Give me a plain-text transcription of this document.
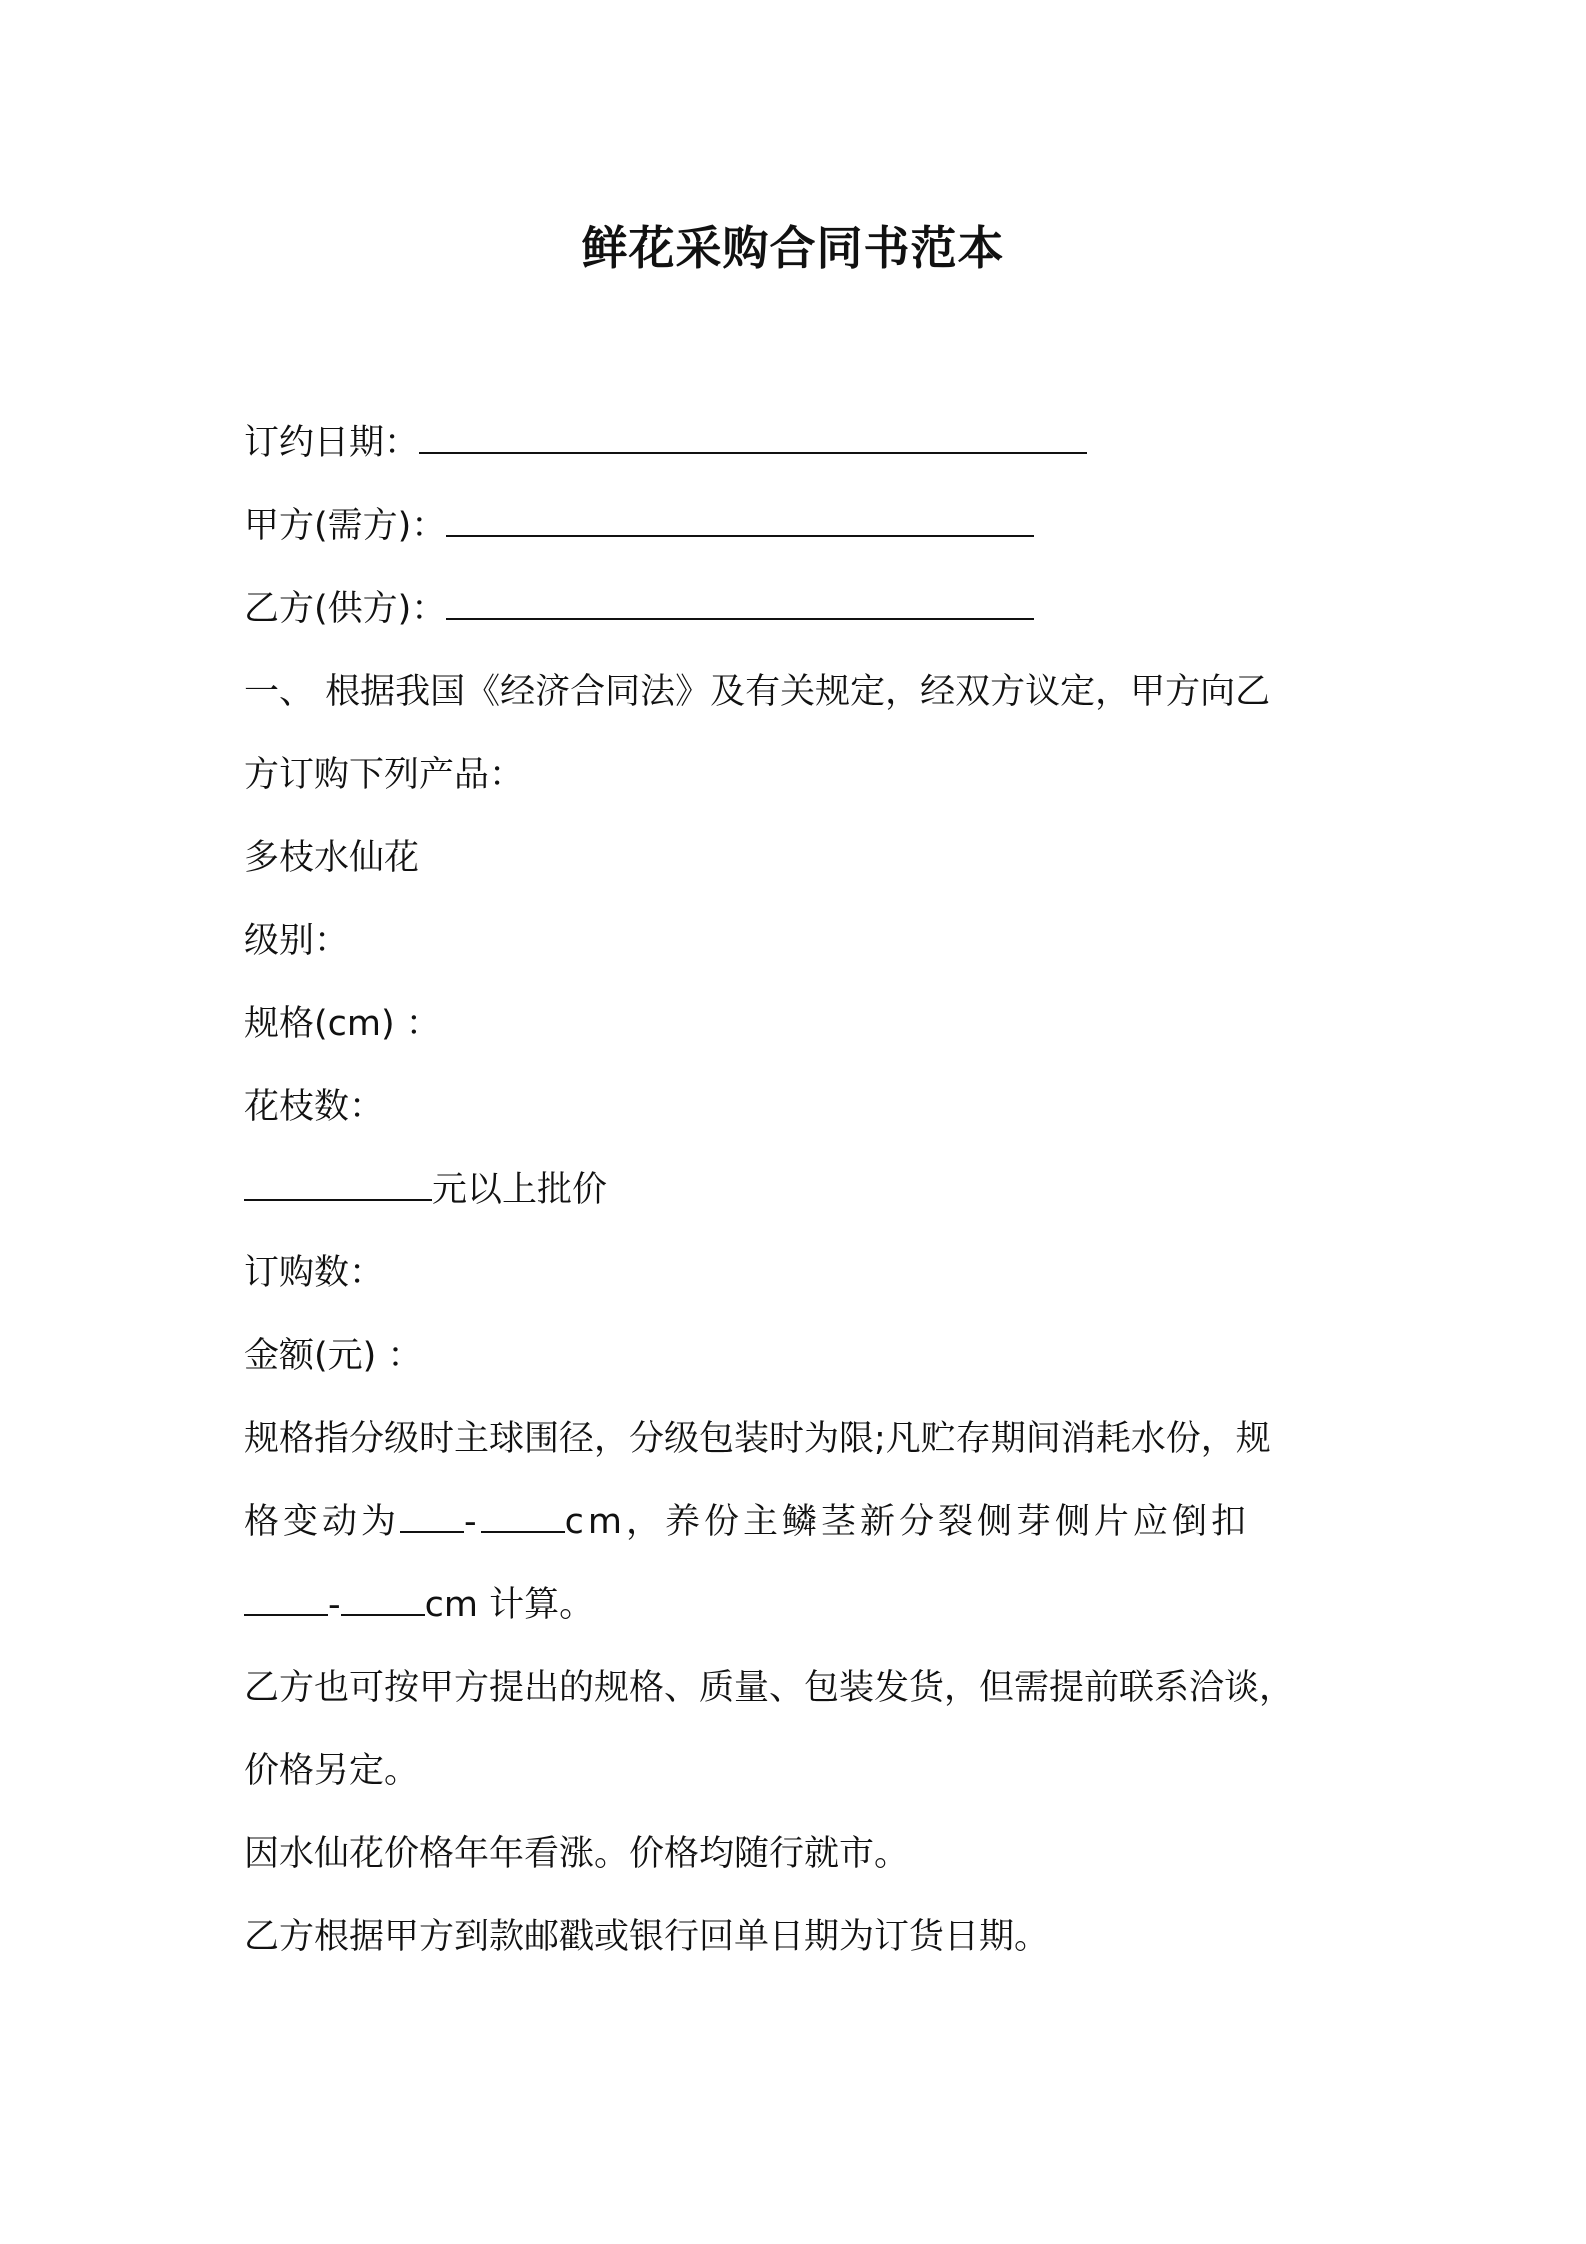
鲜花采购合同书范本
订约日期：
甲方(需方)：
乙方(供方)：
一、 根据我国《经济合同法》及有关规定，经双方议定，甲方向乙
方订购下列产品：
多枝水仙花
级别：
规格(cm) ：
花枝数：
元以上批价
订购数：
金额(元) ：
规格指分级时主球围径，分级包装时为限;凡贮存期间消耗水份，规
格变动为 - cm，养份主鳞茎新分裂侧芽侧片应倒扣
- cm 计算。
乙方也可按甲方提出的规格、质量、包装发货，但需提前联系洽谈，
价格另定。
因水仙花价格年年看涨。价格均随行就市。
乙方根据甲方到款邮戳或银行回单日期为订货日期。
